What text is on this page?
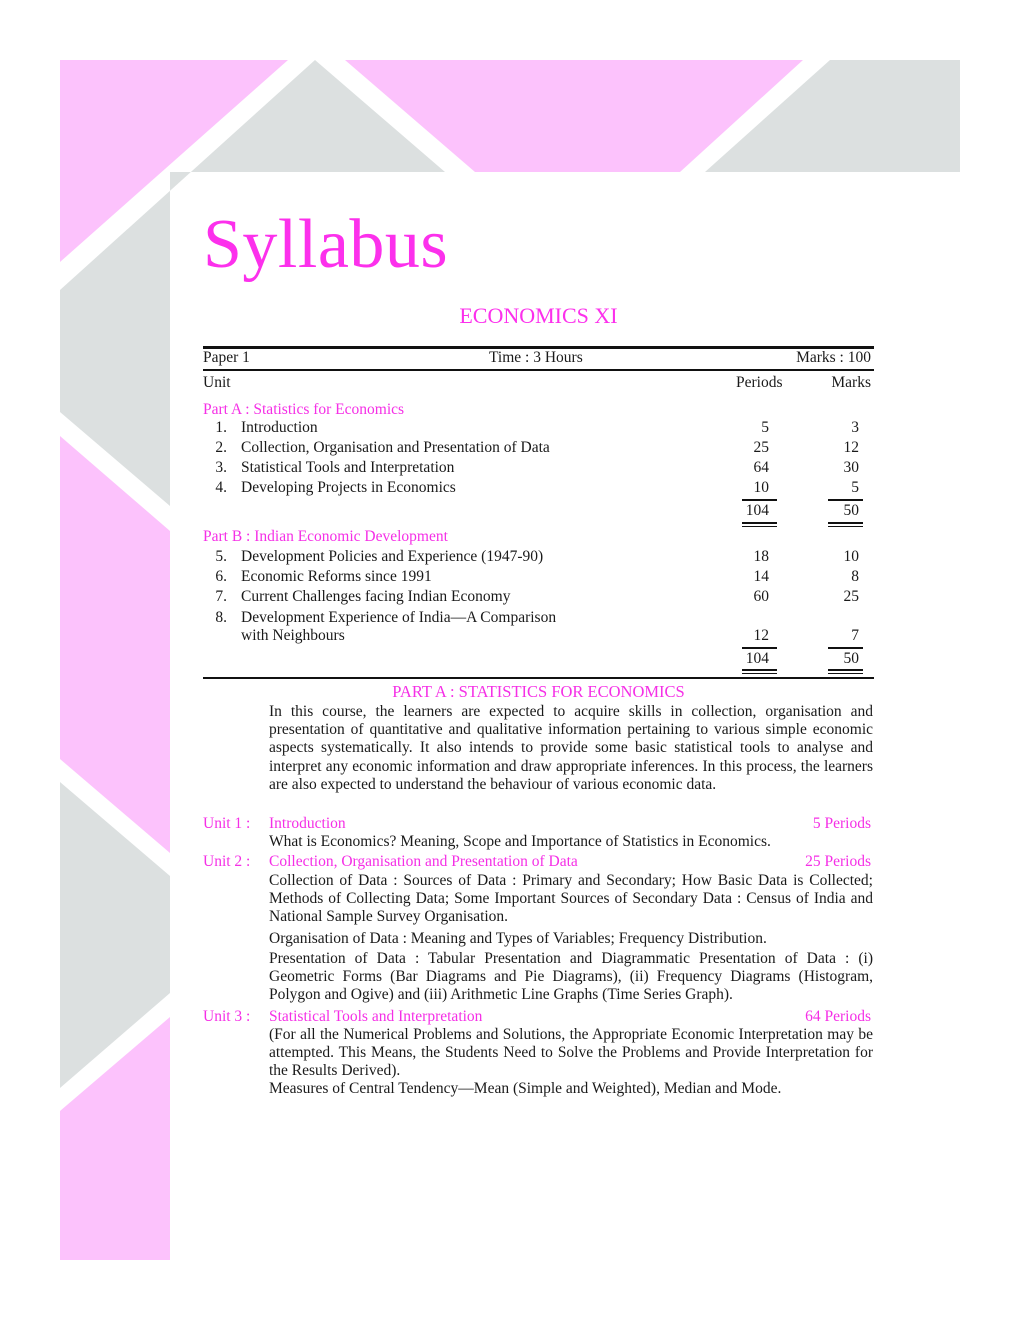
Syllabus
ECONOMICS XI
Paper 1	Time : 3 Hours	Marks : 100
Unit	Periods	Marks
Part A : Statistics for Economics
1. Introduction	5	3
2. Collection, Organisation and Presentation of Data	25	12
3. Statistical Tools and Interpretation	64	30
4. Developing Projects in Economics	10	5
104	50
Part B : Indian Economic Development
5. Development Policies and Experience (1947-90)	18	10
6. Economic Reforms since 1991	14	8
7. Current Challenges facing Indian Economy	60	25
8. Development Experience of India—A Comparison
with Neighbours	12	7
104	50
PART A : STATISTICS FOR ECONOMICS
In this course, the learners are expected to acquire skills in collection, organisation and presentation of quantitative and qualitative information pertaining to various simple economic aspects systematically. It also intends to provide some basic statistical tools to analyse and interpret any economic information and draw appropriate inferences. In this process, the learners are also expected to understand the behaviour of various economic data.
Unit 1 : Introduction	5 Periods
What is Economics? Meaning, Scope and Importance of Statistics in Economics.
Unit 2 : Collection, Organisation and Presentation of Data	25 Periods
Collection of Data : Sources of Data : Primary and Secondary; How Basic Data is Collected; Methods of Collecting Data; Some Important Sources of Secondary Data : Census of India and National Sample Survey Organisation.
Organisation of Data : Meaning and Types of Variables; Frequency Distribution.
Presentation of Data : Tabular Presentation and Diagrammatic Presentation of Data : (i) Geometric Forms (Bar Diagrams and Pie Diagrams), (ii) Frequency Diagrams (Histogram, Polygon and Ogive) and (iii) Arithmetic Line Graphs (Time Series Graph).
Unit 3 : Statistical Tools and Interpretation	64 Periods
(For all the Numerical Problems and Solutions, the Appropriate Economic Interpretation may be attempted. This Means, the Students Need to Solve the Problems and Provide Interpretation for the Results Derived).
Measures of Central Tendency—Mean (Simple and Weighted), Median and Mode.
